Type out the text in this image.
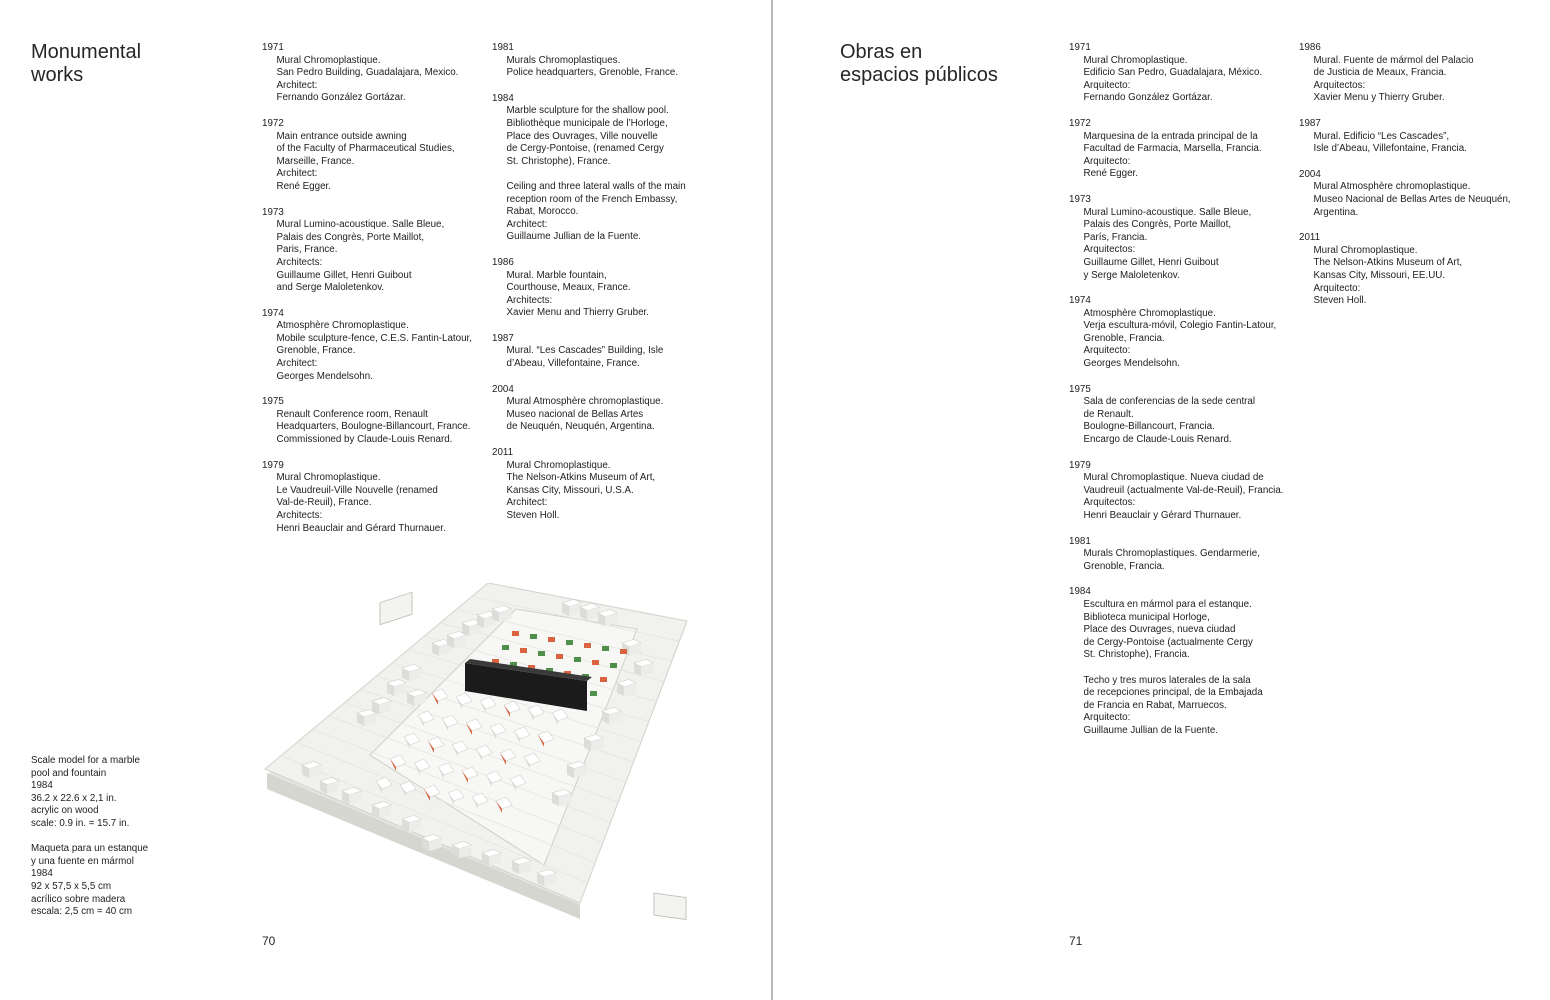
Monumental
works
1971
Mural Chromoplastique.
San Pedro Building, Guadalajara, Mexico.
Architect:
Fernando González Gortázar.
1972
Main entrance outside awning
of the Faculty of Pharmaceutical Studies,
Marseille, France.
Architect:
René Egger.
1973
Mural Lumino-acoustique. Salle Bleue,
Palais des Congrès, Porte Maillot,
Paris, France.
Architects:
Guillaume Gillet, Henri Guibout
and Serge Maloletenkov.
1974
Atmosphère Chromoplastique.
Mobile sculpture-fence, C.E.S. Fantin-Latour,
Grenoble, France.
Architect:
Georges Mendelsohn.
1975
Renault Conference room, Renault
Headquarters, Boulogne-Billancourt, France.
Commissioned by Claude-Louis Renard.
1979
Mural Chromoplastique.
Le Vaudreuil-Ville Nouvelle (renamed
Val-de-Reuil), France.
Architects:
Henri Beauclair and Gérard Thurnauer.
1981
Murals Chromoplastiques.
Police headquarters, Grenoble, France.
1984
Marble sculpture for the shallow pool.
Bibliothèque municipale de l’Horloge,
Place des Ouvrages, Ville nouvelle
de Cergy-Pontoise, (renamed Cergy
St. Christophe), France.
Ceiling and three lateral walls of the main
reception room of the French Embassy,
Rabat, Morocco.
Architect:
Guillaume Jullian de la Fuente.
1986
Mural. Marble fountain,
Courthouse, Meaux, France.
Architects:
Xavier Menu and Thierry Gruber.
1987
Mural. “Les Cascades” Building, Isle
d’Abeau, Villefontaine, France.
2004
Mural Atmosphère chromoplastique.
Museo nacional de Bellas Artes
de Neuquén, Neuquén, Argentina.
2011
Mural Chromoplastique.
The Nelson-Atkins Museum of Art,
Kansas City, Missouri, U.S.A.
Architect:
Steven Holl.
Scale model for a marble
pool and fountain
1984
36.2 x 22.6 x 2,1 in.
acrylic on wood
scale: 0.9 in. = 15.7 in.
Maqueta para un estanque
y una fuente en mármol
1984
92 x 57,5 x 5,5 cm
acrílico sobre madera
escala: 2,5 cm = 40 cm
70
Obras en
espacios públicos
1971
Mural Chromoplastique.
Edificio San Pedro, Guadalajara, México.
Arquitecto:
Fernando González Gortázar.
1972
Marquesina de la entrada principal de la
Facultad de Farmacia, Marsella, Francia.
Arquitecto:
René Egger.
1973
Mural Lumino-acoustique. Salle Bleue,
Palais des Congrès, Porte Maillot,
París, Francia.
Arquitectos:
Guillaume Gillet, Henri Guibout
y Serge Maloletenkov.
1974
Atmosphère Chromoplastique.
Verja escultura-móvil, Colegio Fantin-Latour,
Grenoble, Francia.
Arquitecto:
Georges Mendelsohn.
1975
Sala de conferencias de la sede central
de Renault.
Boulogne-Billancourt, Francia.
Encargo de Claude-Louis Renard.
1979
Mural Chromoplastique. Nueva ciudad de
Vaudreuil (actualmente Val-de-Reuil), Francia.
Arquitectos:
Henri Beauclair y Gérard Thurnauer.
1981
Murals Chromoplastiques. Gendarmerie,
Grenoble, Francia.
1984
Escultura en mármol para el estanque.
Biblioteca municipal Horloge,
Place des Ouvrages, nueva ciudad
de Cergy-Pontoise (actualmente Cergy
St. Christophe), Francia.
Techo y tres muros laterales de la sala
de recepciones principal, de la Embajada
de Francia en Rabat, Marruecos.
Arquitecto:
Guillaume Jullian de la Fuente.
1986
Mural. Fuente de mármol del Palacio
de Justicia de Meaux, Francia.
Arquitectos:
Xavier Menu y Thierry Gruber.
1987
Mural. Edificio “Les Cascades”,
Isle d’Abeau, Villefontaine, Francia.
2004
Mural Atmosphère chromoplastique.
Museo Nacional de Bellas Artes de Neuquén,
Argentina.
2011
Mural Chromoplastique.
The Nelson-Atkins Museum of Art,
Kansas City, Missouri, EE.UU.
Arquitecto:
Steven Holl.
71
